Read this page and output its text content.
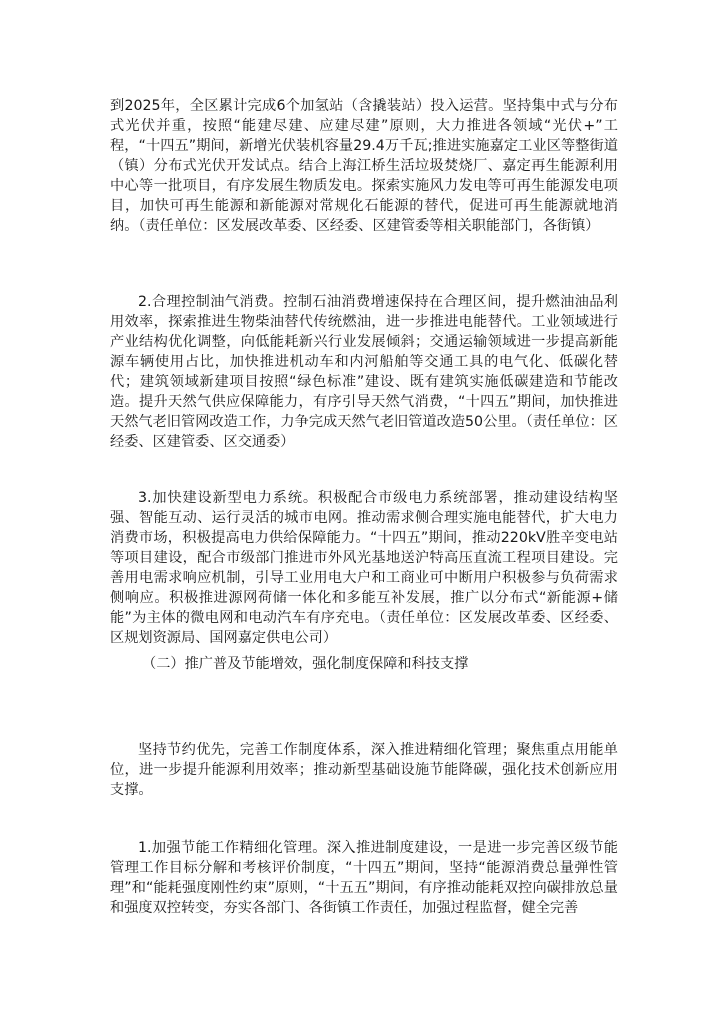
到2025年，全区累计完成6个加氢站（含撬装站）投入运营。坚持集中式与分布式光伏并重，按照“能建尽建、应建尽建”原则，大力推进各领域“光伏+”工程，“十四五”期间，新增光伏装机容量29.4万千瓦;推进实施嘉定工业区等整街道（镇）分布式光伏开发试点。结合上海江桥生活垃圾焚烧厂、嘉定再生能源利用中心等一批项目，有序发展生物质发电。探索实施风力发电等可再生能源发电项目，加快可再生能源和新能源对常规化石能源的替代，促进可再生能源就地消纳。（责任单位：区发展改革委、区经委、区建管委等相关职能部门，各街镇）

2.合理控制油气消费。控制石油消费增速保持在合理区间，提升燃油油品利用效率，探索推进生物柴油替代传统燃油，进一步推进电能替代。工业领域进行产业结构优化调整，向低能耗新兴行业发展倾斜；交通运输领域进一步提高新能源车辆使用占比，加快推进机动车和内河船舶等交通工具的电气化、低碳化替代；建筑领域新建项目按照“绿色标准”建设、既有建筑实施低碳建造和节能改造。提升天然气供应保障能力，有序引导天然气消费，“十四五”期间，加快推进天然气老旧管网改造工作，力争完成天然气老旧管道改造50公里。（责任单位：区经委、区建管委、区交通委）

3.加快建设新型电力系统。积极配合市级电力系统部署，推动建设结构坚强、智能互动、运行灵活的城市电网。推动需求侧合理实施电能替代，扩大电力消费市场，积极提高电力供给保障能力。“十四五”期间，推动220kV胜辛变电站等项目建设，配合市级部门推进市外风光基地送沪特高压直流工程项目建设。完善用电需求响应机制，引导工业用电大户和工商业可中断用户积极参与负荷需求侧响应。积极推进源网荷储一体化和多能互补发展，推广以分布式“新能源+储能”为主体的微电网和电动汽车有序充电。（责任单位：区发展改革委、区经委、区规划资源局、国网嘉定供电公司）

（二）推广普及节能增效，强化制度保障和科技支撑

坚持节约优先，完善工作制度体系，深入推进精细化管理；聚焦重点用能单位，进一步提升能源利用效率；推动新型基础设施节能降碳，强化技术创新应用支撑。

1.加强节能工作精细化管理。深入推进制度建设，一是进一步完善区级节能管理工作目标分解和考核评价制度，“十四五”期间，坚持“能源消费总量弹性管理”和“能耗强度刚性约束”原则，“十五五”期间，有序推动能耗双控向碳排放总量和强度双控转变，夯实各部门、各街镇工作责任，加强过程监督，健全完善
